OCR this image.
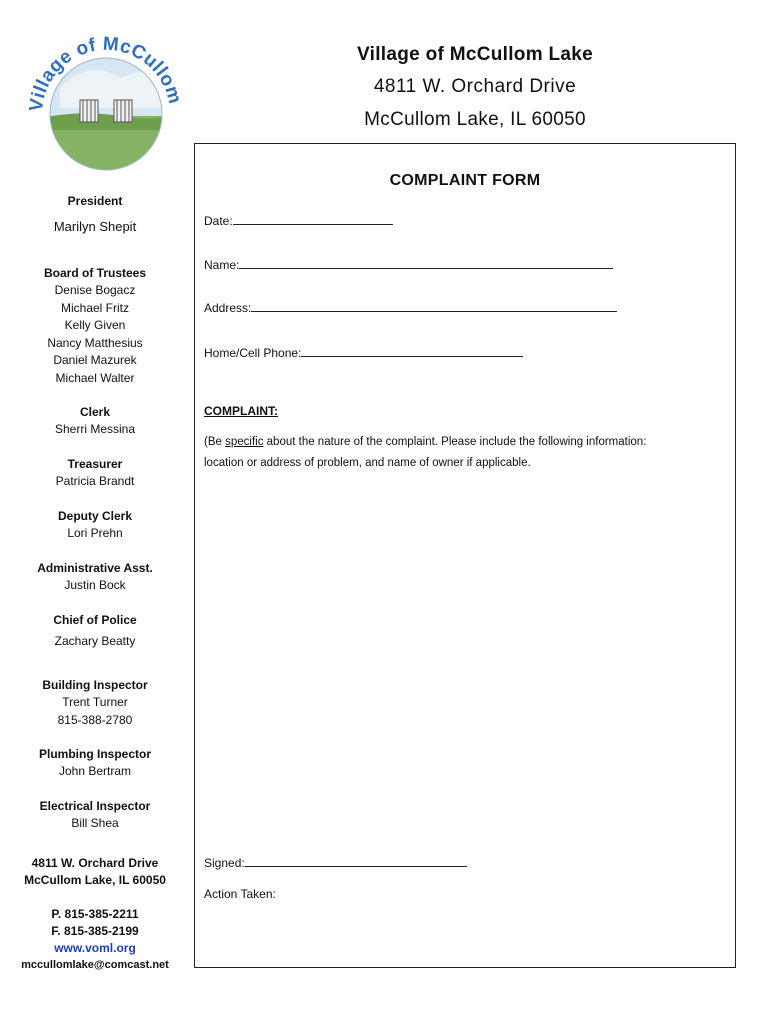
Village of McCullom
Village of McCullom Lake
4811 W. Orchard Drive
McCullom Lake, IL 60050

President

Marilyn Shepit

Board of Trustees

Denise Bogacz

Michael Fritz

Kelly Given

Nancy Matthesius

Daniel Mazurek

Michael Walter

Clerk

Sherri Messina

Treasurer

Patricia Brandt

Deputy Clerk

Lori Prehn

Administrative Asst.

Justin Bock

Chief of Police

Zachary Beatty

Building Inspector

Trent Turner

815-388-2780

Plumbing Inspector

John Bertram

Electrical Inspector

Bill Shea

4811 W. Orchard Drive

McCullom Lake, IL 60050

P. 815-385-2211

F. 815-385-2199

www.voml.org

mccullomlake@comcast.net

COMPLAINT FORM
Date:
Name:
Address:
Home/Cell Phone:
COMPLAINT:
(Be specific about the nature of the complaint. Please include the following information:
location or address of problem, and name of owner if applicable.
Signed:
Action Taken:
